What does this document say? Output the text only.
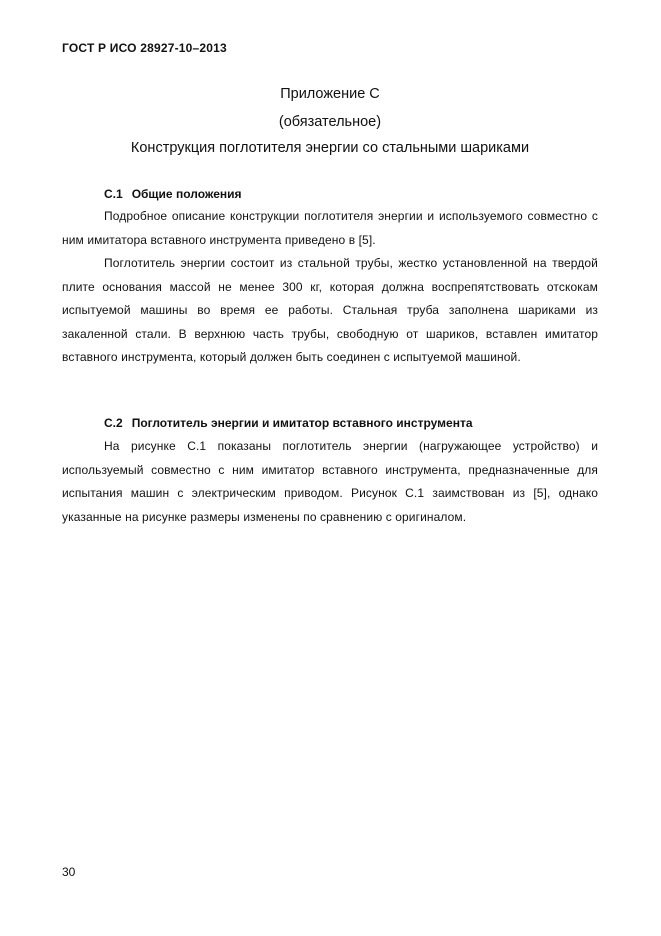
ГОСТ Р ИСО 28927-10–2013
Приложение С
(обязательное)
Конструкция поглотителя энергии со стальными шариками
С.1 Общие положения

Подробное описание конструкции поглотителя энергии и используемого совместно с ним имитатора вставного инструмента приведено в [5].

Поглотитель энергии состоит из стальной трубы, жестко установленной на твердой плите основания массой не менее 300 кг, которая должна воспрепятствовать отскокам испытуемой машины во время ее работы. Стальная труба заполнена шариками из закаленной стали. В верхнюю часть трубы, свободную от шариков, вставлен имитатор вставного инструмента, который должен быть соединен с испытуемой машиной.

С.2 Поглотитель энергии и имитатор вставного инструмента

На рисунке С.1 показаны поглотитель энергии (нагружающее устройство) и используемый совместно с ним имитатор вставного инструмента, предназначенные для испытания машин с электрическим приводом. Рисунок С.1 заимствован из [5], однако указанные на рисунке размеры изменены по сравнению с оригиналом.

30
